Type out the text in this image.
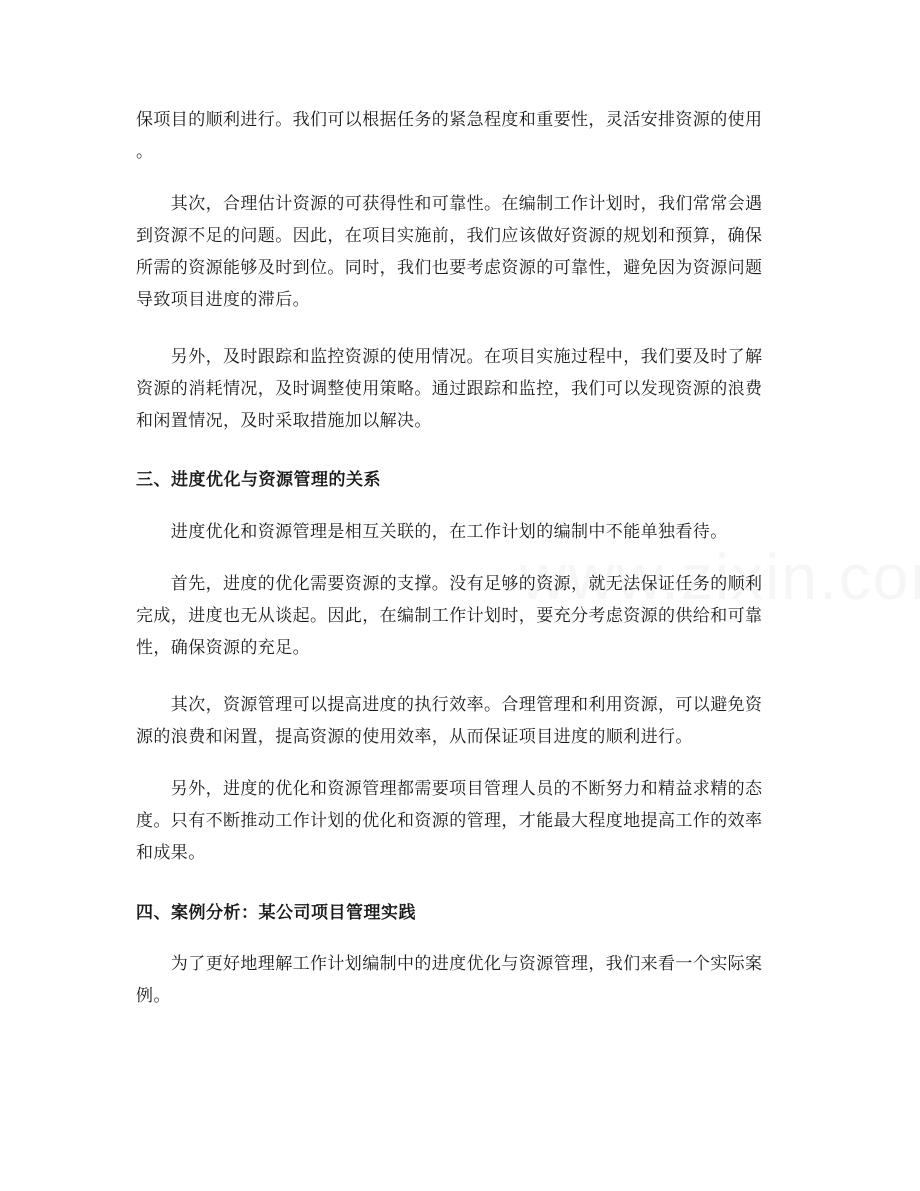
保项目的顺利进行。我们可以根据任务的紧急程度和重要性，灵活安排资源的使用
。

　　其次，合理估计资源的可获得性和可靠性。在编制工作计划时，我们常常会遇
到资源不足的问题。因此，在项目实施前，我们应该做好资源的规划和预算，确保
所需的资源能够及时到位。同时，我们也要考虑资源的可靠性，避免因为资源问题
导致项目进度的滞后。

　　另外，及时跟踪和监控资源的使用情况。在项目实施过程中，我们要及时了解
资源的消耗情况，及时调整使用策略。通过跟踪和监控，我们可以发现资源的浪费
和闲置情况，及时采取措施加以解决。

三、进度优化与资源管理的关系

　　进度优化和资源管理是相互关联的，在工作计划的编制中不能单独看待。

　　首先，进度的优化需要资源的支撑。没有足够的资源，就无法保证任务的顺利
完成，进度也无从谈起。因此，在编制工作计划时，要充分考虑资源的供给和可靠
性，确保资源的充足。

　　其次，资源管理可以提高进度的执行效率。合理管理和利用资源，可以避免资
源的浪费和闲置，提高资源的使用效率，从而保证项目进度的顺利进行。

　　另外，进度的优化和资源管理都需要项目管理人员的不断努力和精益求精的态
度。只有不断推动工作计划的优化和资源的管理，才能最大程度地提高工作的效率
和成果。

四、案例分析：某公司项目管理实践

　　为了更好地理解工作计划编制中的进度优化与资源管理，我们来看一个实际案
例。
